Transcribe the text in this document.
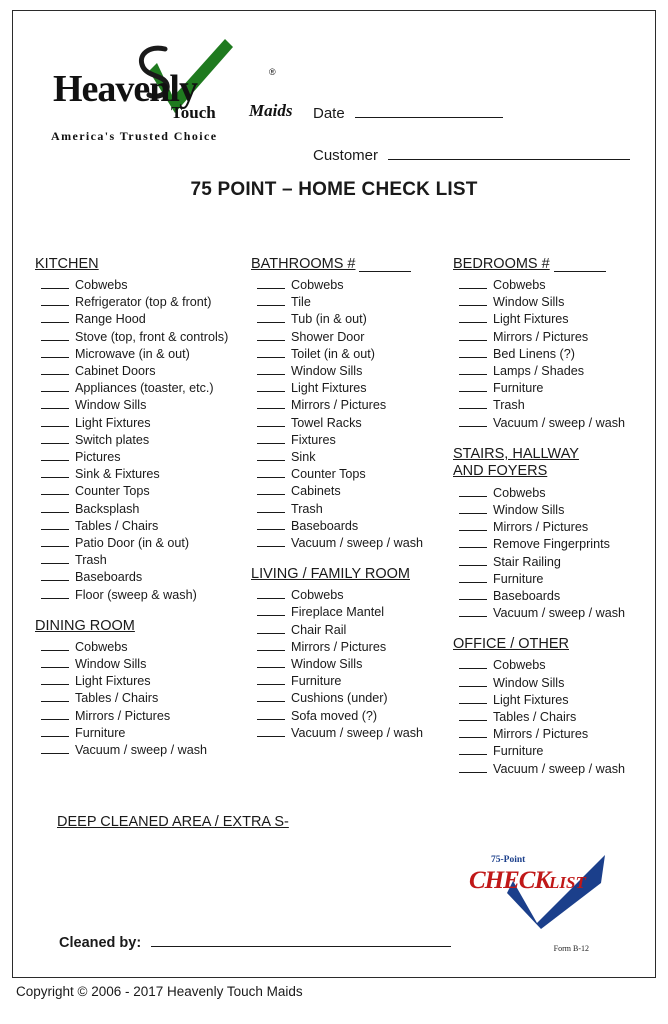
Heavenly	®
Touch Maids
America's Trusted Choice
Date
Customer
75 POINT – HOME CHECK LIST
KITCHEN
Cobwebs
Refrigerator (top & front)
Range Hood
Stove (top, front & controls)
Microwave (in & out)
Cabinet Doors
Appliances (toaster, etc.)
Window Sills
Light Fixtures
Switch plates
Pictures
Sink & Fixtures
Counter Tops
Backsplash
Tables / Chairs
Patio Door (in & out)
Trash
Baseboards
Floor (sweep & wash)
DINING ROOM
Cobwebs
Window Sills
Light Fixtures
Tables / Chairs
Mirrors / Pictures
Furniture
Vacuum / sweep / wash
BATHROOMS #
Cobwebs
Tile
Tub (in & out)
Shower Door
Toilet (in & out)
Window Sills
Light Fixtures
Mirrors / Pictures
Towel Racks
Fixtures
Sink
Counter Tops
Cabinets
Trash
Baseboards
Vacuum / sweep / wash
LIVING / FAMILY ROOM
Cobwebs
Fireplace Mantel
Chair Rail
Mirrors / Pictures
Window Sills
Furniture
Cushions (under)
Sofa moved (?)
Vacuum / sweep / wash
BEDROOMS #
Cobwebs
Window Sills
Light Fixtures
Mirrors / Pictures
Bed Linens (?)
Lamps / Shades
Furniture
Trash
Vacuum / sweep / wash
STAIRS, HALLWAY
AND FOYERS
Cobwebs
Window Sills
Mirrors / Pictures
Remove Fingerprints
Stair Railing
Furniture
Baseboards
Vacuum / sweep / wash
OFFICE / OTHER
Cobwebs
Window Sills
Light Fixtures
Tables / Chairs
Mirrors / Pictures
Furniture
Vacuum / sweep / wash
DEEP CLEANED AREA / EXTRA S-
Cleaned by:
75-Point
CHECK
LIST
Form B-12
Copyright © 2006 - 2017 Heavenly Touch Maids
